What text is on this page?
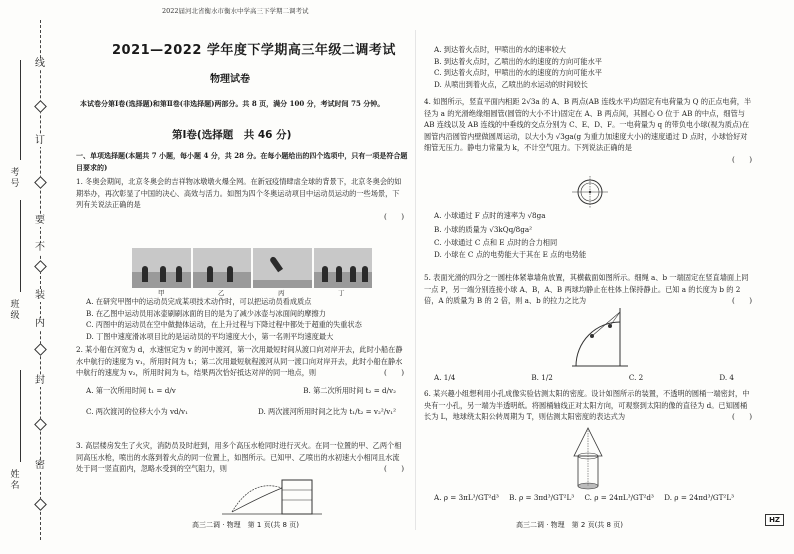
线
订
要
不
装
内
封
密
考号
班级
姓名
2022届河北省衡水市衡水中学高三下学期二调考试
2021—2022 学年度下学期高三年级二调考试
物理试卷
本试卷分第Ⅰ卷(选择题)和第Ⅱ卷(非选择题)两部分。共 8 页，满分 100 分，考试时间 75 分钟。
第Ⅰ卷(选择题　共 46 分)
一、单项选择题(本题共 7 小题，每小题 4 分，共 28 分。在每小题给出的四个选项中，只有一项是符合题目要求的)
1. 冬奥会期间，北京冬奥会的吉祥物冰墩墩火爆全网。在新冠疫情肆虐全球的背景下，北京冬奥会的如期举办，再次彰显了中国的决心、高效与活力。如图为四个冬奥运动项目中运动员运动的一些场景，下列有关说法正确的是
(　　)
甲	乙	丙	丁
A. 在研究甲图中的运动员完成某项技术动作时，可以把运动员看成质点
B. 在乙图中运动员用冰壶刷刷冰面的目的是为了减少冰壶与冰面间的摩擦力
C. 丙图中的运动员在空中做抛体运动，在上升过程与下降过程中都处于超重的失重状态
D. 丁图中速度滑冰项目比的是运动员的平均速度大小，第一名则平均速度最大
2. 某小船在河宽为 d，水速恒定为 v 的河中渡河，第一次用最短时间从渡口向对岸开去，此时小船在静水中航行的速度为 v₁，所用时间为 t₁；第二次用最短航程渡河从同一渡口向对岸开去，此时小船在静水中航行的速度为 v₂，所用时间为 t₂，结果两次恰好抵达对岸的同一地点，则	(　　)
A. 第一次所用时间 t₁ = d/v	B. 第二次所用时间 t₂ = d/v₂
C. 两次渡河的位移大小为 vd/v₁	D. 两次渡河所用时间之比为 t₁/t₂ = v₂²/v₁²
3. 高层楼房发生了火灾，消防员及时赶到，用多个高压水枪同时进行灭火。在同一位置的甲、乙两个相同高压水枪，喷出的水落到着火点的同一位置上，如图所示。已知甲、乙喷出的水初速大小相同且水流处于同一竖直面内，忽略水受到的空气阻力，则	(　　)
高三二调 · 物理　第 1 页(共 8 页)
A. 到达着火点时，甲喷出的水的速率较大
B. 到达着火点时，乙喷出的水的速度的方向可能水平
C. 到达着火点时，甲喷出的水的速度的方向可能水平
D. 从喷出到着火点，乙喷出的水运动的时间较长
4. 如图所示，竖直平面内相距 2√3a 的 A、B 两点(AB 连线水平)均固定有电荷量为 Q 的正点电荷，半径为 a 的光滑绝缘细圆管(圆管的大小不计)固定在 A、B 两点间，其圆心 O 位于 AB 的中点，细管与 AB 连线以及 AB 连线的中垂线的交点分别为 C、E、D、F。一电荷量为 q 的带负电小球(视为质点)在圆管内沿圆管内壁做圆周运动，以大小为 √3ga(g 为重力加速度大小)的速度通过 D 点时，小球恰好对细管无压力。静电力常量为 k，不计空气阻力。下列说法正确的是
(　　)
A. 小球通过 F 点时的速率为 √8ga
B. 小球的质量为 √3kQq/8ga²
C. 小球通过 C 点和 E 点时的合力相同
D. 小球在 C 点的电势能大于其在 E 点的电势能
5. 表面光滑的四分之一圆柱体紧靠墙角放置，其横截面如图所示。细绳 a、b 一端固定在竖直墙面上同一点 P，另一端分别连接小球 A、B，A、B 两球均静止在柱体上保持静止。已知 a 的长度为 b 的 2 倍，A 的质量为 B 的 2 倍，则 a、b 的拉力之比为	(　　)
A. 1/4	B. 1/2	C. 2	D. 4
6. 某兴趣小组想利用小孔成像实验估测太阳的密度。设计如图所示的装置，不透明的圆桶一端密封，中央有一小孔，另一端为半透明纸。将圆桶轴线正对太阳方向，可观察到太阳的像的直径为 d。已知圆桶长为 L，地球绕太阳公转周期为 T，则估测太阳密度的表达式为	(　　)
A. ρ = 3πL³/GT²d³ B. ρ = 3πd³/GT²L³ C. ρ = 24πL³/GT²d³ D. ρ = 24πd³/GT²L³
高三二调 · 物理　第 2 页(共 8 页)
HZ
